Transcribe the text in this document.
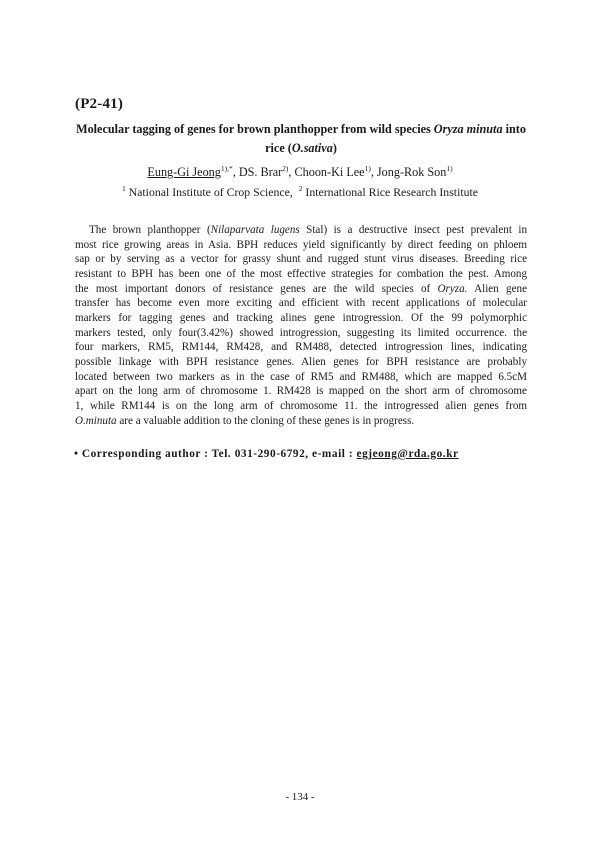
(P2-41)
Molecular tagging of genes for brown planthopper from wild species Oryza minuta into
rice (O.sativa)
Eung-Gi Jeong$^{1),*}$, DS. Brar$^{2)}$, Choon-Ki Lee$^{1)}$, Jong-Rok Son$^{1)}$
$^1$ National Institute of Crop Science, $^2$ International Rice Research Institute
The brown planthopper (Nilaparvata lugens Stal) is a destructive insect pest prevalent in
most rice growing areas in Asia. BPH reduces yield significantly by direct feeding on phloem
sap or by serving as a vector for grassy shunt and rugged stunt virus diseases. Breeding rice
resistant to BPH has been one of the most effective strategies for combation the pest. Among
the most important donors of resistance genes are the wild species of Oryza. Alien gene
transfer has become even more exciting and efficient with recent applications of molecular
markers for tagging genes and tracking alines gene introgression. Of the 99 polymorphic
markers tested, only four(3.42%) showed introgression, suggesting its limited occurrence. the
four markers, RM5, RM144, RM428, and RM488, detected introgression lines, indicating
possible linkage with BPH resistance genes. Alien genes for BPH resistance are probably
located between two markers as in the case of RM5 and RM488, which are mapped 6.5cM
apart on the long arm of chromosome 1. RM428 is mapped on the short arm of chromosome
1, while RM144 is on the long arm of chromosome 11. the introgressed alien genes from
O.minuta are a valuable addition to the cloning of these genes is in progress.
• Corresponding author : Tel. 031-290-6792, e-mail : egjeong@rda.go.kr
- 134 -
